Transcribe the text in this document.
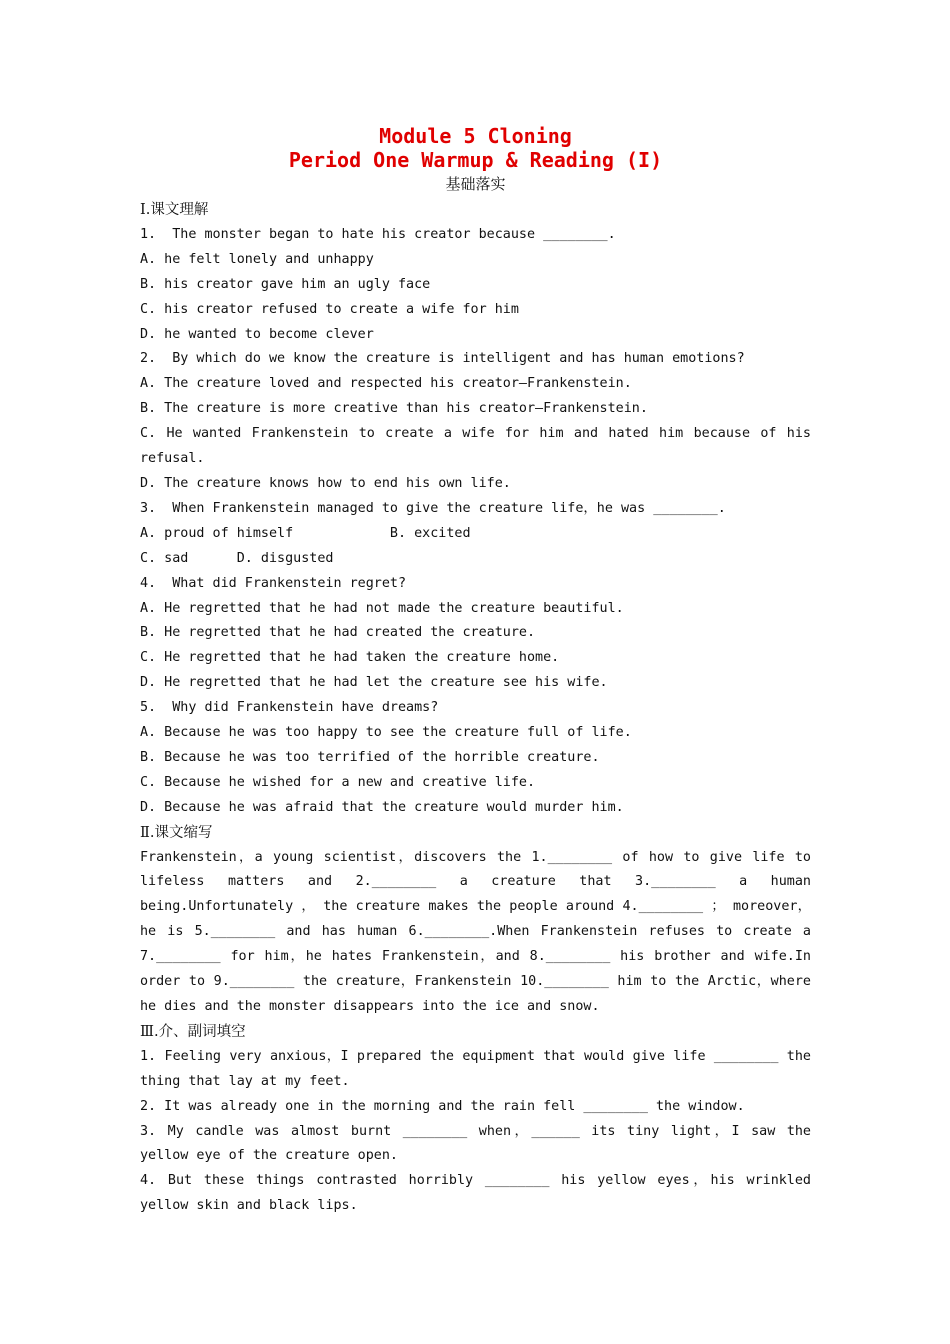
Module 5 Cloning
Period One Warmup & Reading (I)

基础落实

Ⅰ.课文理解

1.  The monster began to hate his creator because ________.

A. he felt lonely and unhappy

B. his creator gave him an ugly face

C. his creator refused to create a wife for him

D. he wanted to become clever

2.  By which do we know the creature is intelligent and has human emotions?

A. The creature loved and respected his creator—Frankenstein.

B. The creature is more creative than his creator—Frankenstein.

C. He wanted Frankenstein to create a wife for him and hated him because of his refusal.

D. The creature knows how to end his own life.

3.  When Frankenstein managed to give the creature life，he was ________.

A. proud of himself            B. excited

C. sad      D. disgusted

4.  What did Frankenstein regret?

A. He regretted that he had not made the creature beautiful.

B. He regretted that he had created the creature.

C. He regretted that he had taken the creature home.

D. He regretted that he had let the creature see his wife.

5.  Why did Frankenstein have dreams?

A. Because he was too happy to see the creature full of life.

B. Because he was too terrified of the horrible creature.

C. Because he wished for a new and creative life.

D. Because he was afraid that the creature would murder him.

Ⅱ.课文缩写

Frankenstein，a young scientist，discovers the 1.________ of how to give life to lifeless matters and 2.________ a creature that 3.________ a human being.Unfortunately ， the creature makes the people around 4.________ ； moreover，he is 5.________ and has human 6.________.When Frankenstein refuses to create a 7.________ for him，he hates Frankenstein，and 8.________ his brother and wife.In order to 9.________ the creature，Frankenstein 10.________ him to the Arctic，where he dies and the monster disappears into the ice and snow.

Ⅲ.介、副词填空

1. Feeling very anxious，I prepared the equipment that would give life ________ the thing that lay at my feet.

2. It was already one in the morning and the rain fell ________ the window.

3. My candle was almost burnt ________ when，______ its tiny light，I saw the yellow eye of the creature open.

4. But these things contrasted horribly ________ his yellow eyes，his wrinkled yellow skin and black lips.
